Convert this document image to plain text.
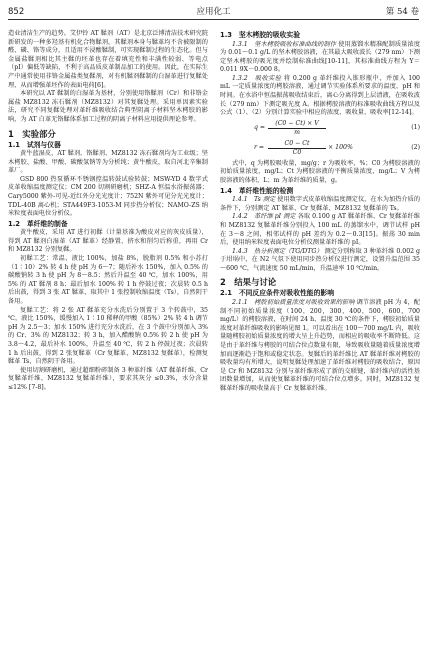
852	应用化工	第 54 卷

造业清洁生产的趋势。艾伊铃 AT 鞣剂（AT）是北京泛博清洁技术研究院新研发的一种多羟基有机化合物鞣剂，其鞣剂本身与鞣革均不含被限制的醛、磷、铬等成分，且适用不浸酸鞣制，可实现鞣制过程的生态化。但与金属盐鞣剂相比其主鞣的坯革也存在着填充性和丰满性较弱、等电点（pI）偏低等缺陷，不利于高品质皮革制品加工的使用。因此，在实际生产中通常使用非铬金属盐类复鞣剂，对有机鞣剂鞣制的白湿革进行复鞣处理，从而增强革坯作的表面电荷[6]。

本研究以 AT 鞣制的白湿革为基材，分别使用铬鞣剂（Cr）和非铬金属盐 MZ8132 冻石鞣剂（MZ8132）对其复鞣处理。采用单因素实验法，研究不同复鞣处理对革纤维吸收结合典型阴离子材料坚木栲胶的影响，为 AT 白革无铬鞣体系加工过程的阴离子材料应用提供理论参考。

1　实验部分
1.1　试剂与仪器

黄牛蓝湿皮，AT 鞣剂、铬鞣剂、MZ8132 冻石鞣剂均为工业级；坚木栲胶、盐酸、甲酸、碳酸氢钠等为分析纯；黄牛酸皮，取自河北辛集制革厂。

GSD 800 热泵循环不锈钢控温转鼓试验转鼓；MSW-YD 4 数字式皮革收缩温度测定仪；CM 200 切割研磨机；SHZ-A 恒温水浴振荡器；Cary5000 紫外-可见-近红外分光光度计；752N 紫外可见分光光度计；TDL-40B 离心机；STA449F3-1053-M 同步热分析仪；NAMO-ZS 纳米粒度表面电位分析仪。

1.2　革纤维的制备

黄牛酸皮，采用 AT 进行初鞣（计量基准为酸皮对应的灰皮质量），得到 AT 鞣剂白湿革（AT 鞣革）经静置、挤水和削匀后称重，再用 Cr 和 MZ8132 分别复鞣。

初鞣工艺：常温，液比 100%，加盐 8%，脱脂剂 0.5% 和小苏打（1∶10）2% 转 4 h 使 pH 为 6～7；随后补水 150%，加入 0.5% 的碳酸钠转 3 h 使 pH 为 8～8.5；然后升温至 40 ℃，加水 100%，用 5% 的 AT 鞣剂 8 h；最后加水 100% 转 1 h 停鼓过夜；次晨转 0.5 h 后出鼓，得到 3 张 AT 鞣革，取其中 1 张控制收缩温度（Ts），自然阴干备用。

复鞣工艺：将 2 张 AT 鞣革充分水洗后分别置于 3 个转鼓中，35 ℃，液比 150%，缓慢加入 1∶10 稀释的甲酸（85%）2% 转 4 h 调节 pH 为 2.5～3；加水 150% 进行充分水洗后，在 3 个鼓中分别加入 3% 的 Cr、3% 的 MZ8132；转 3 h，加入醋酸钠 0.5% 转 2 h 使 pH 为 3.8～4.2，最后补水 100%，升温至 40 ℃，转 2 h 停鼓过夜；次晨转 1 h 后出鼓，得到 2 张复鞣革（Cr 复鞣革、MZ8132 复鞣革），检测复鞣革 Ts，自然阴干备用。

使用切割研磨机，通过超细粉碎制备 3 种革纤维（AT 鞣革纤维、Cr 复鞣革纤维、MZ8132 复鞣革纤维），要求其灰分 ≤0.3%，水分含量 ≤12% [7-8]。

1.3　坚木栲胶的吸收实验

1.3.1　坚木栲胶吸收标准曲线的制作 使用蒸馏水精准配制质量浓度为 0.01～0.1 g/L 的坚木栲胶溶液，在其最大吸收波长（279 nm）下测定坚木栲胶的吸光度并绘制标准曲线[10-11]，其标准曲线方程为 Y＝0.011 9X－0.000 8。

1.3.2　吸收实验 将 0.200 g 革纤维投入锥形瓶中，并加入 100 mL 一定质量浓度的栲胶溶液，通过调节实验体系所要求的温度、pH 和时间。在水浴中恒温振荡吸收结束后，离心分离得到上层清液，在吸收波长（279 nm）下测定吸光度 A。根据栲胶溶液的标准吸收曲线方程以及公式（1）、（2）分别计算实验中相应的浓度、吸收量、吸收率[12-14]。

$q = \frac{(C0 - Ct) \times V}{m}$	(1)
$r = \frac{C0 - Ct}{C0} \times 100\%$	(2)

式中，q 为栲胶吸收量，mg/g；r 为吸收率，%；C0 为栲胶溶液的初始质量浓度，mg/L；Ct 为栲胶溶液的平衡质量浓度，mg/L；V 为栲胶溶液的体积，L；m 为革纤维的质量，g。

1.4　革纤维性能的检测

1.4.1　Ts 测定 使用数字式皮革收缩温度测定仪，在水为加热介质的条件下，分别测定 AT 鞣革、Cr 复鞣革、MZ8132 复鞣革的 Ts。

1.4.2　革纤维 pI 测定 各取 0.100 g AT 鞣革纤维、Cr 复鞣革纤维和 MZ8132 复鞣革纤维分别投入 100 mL 的蒸馏水中，调节试样 pH 在 3～8 之间，相邻试样的 pH 差约为 0.2～0.3[15]。振荡 30 min 后，使用纳米粒度表面电位分析仪测量革纤维的 pI。

1.4.3　热分析测定（TG/DTG） 测定分别称取 3 种革纤维 0.002 g 于坩埚中，在 N2 气氛下使用同步热分析仪进行测定，设置升温范围 35～600 ℃，气流速度 50 mL/min，升温速率 10 ℃/min。

2　结果与讨论
2.1　不同反应条件对吸收性能的影响

2.1.1　栲胶初始质量浓度对吸收效果的影响 调节溶液 pH 为 4，配制不同初始质量浓度（100，200，300，400，500，600，700 mg/L）的栲胶溶液，在时间 24 h、温度 30 ℃的条件下，栲胶初始质量浓度对革纤维吸收的影响见图 1。可以看出在 100～700 mg/L 内，吸收量随栲胶初始质量浓度的增大呈上升趋势，而相应的吸收率不断降低。这是由于革纤维与栲胶的可结合位点数量有限，导致吸收量随着质量浓度增加而逐渐趋于饱和或稳定状态。复鞣后的革纤维比 AT 鞣革纤维对栲胶的吸收量均有所增大，说明复鞣处理加速了革纤维对栲胶的吸收结合，原因是 Cr 和 MZ8132 分别与革纤维形成了新的交联键，革纤维内的活性基团数量增加，从而使复鞣革纤维的可结合位点增多。同时，MZ8132 复鞣革纤维的吸收量高于 Cr 复鞣革纤维。
